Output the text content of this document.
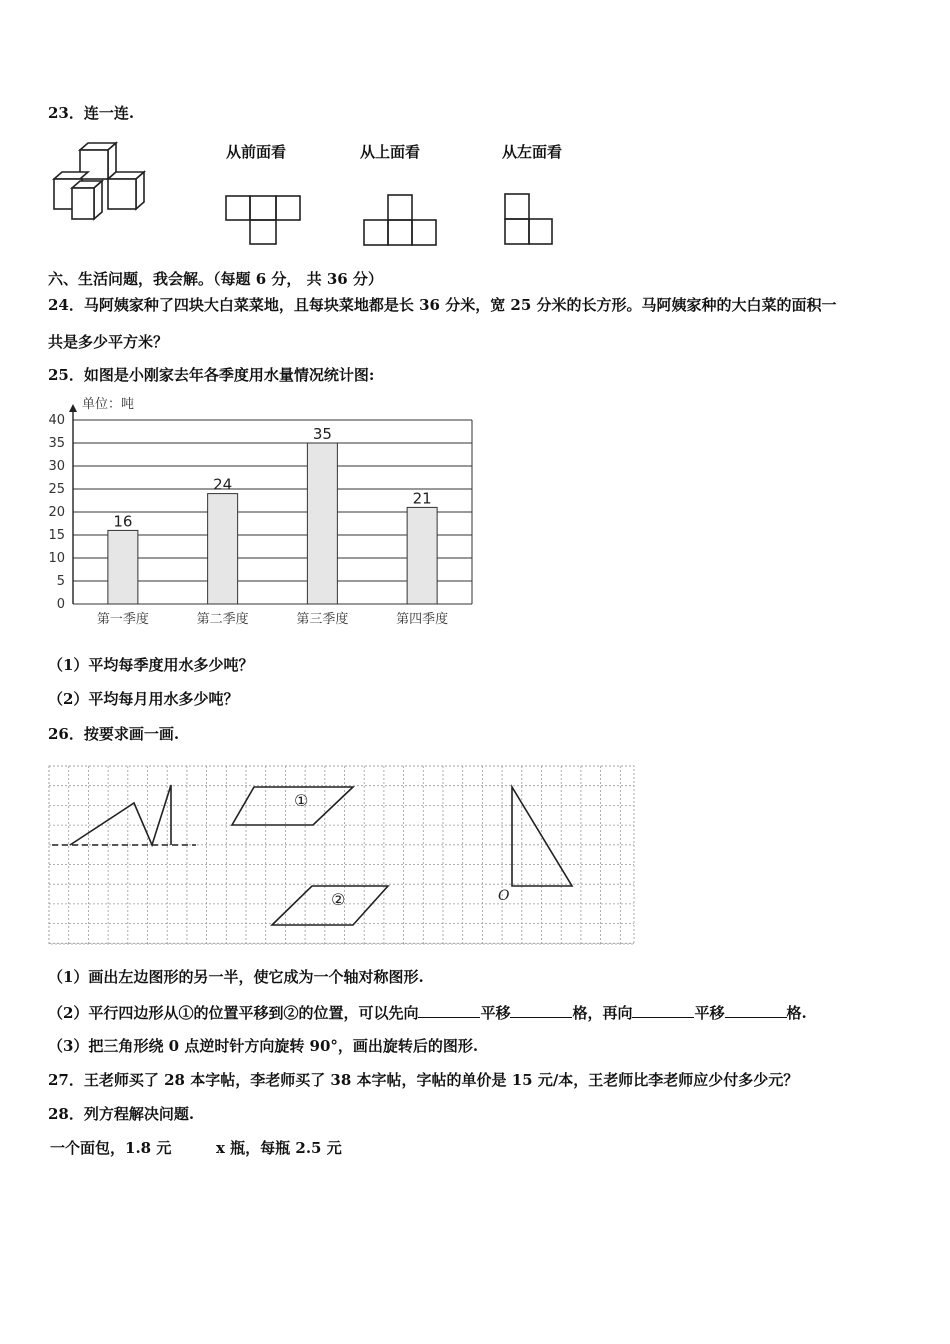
23．连一连.
从前面看	从上面看	从左面看
六、生活问题，我会解。（每题 6 分， 共 36 分）
24．马阿姨家种了四块大白菜菜地，且每块菜地都是长 36 分米，宽 25 分米的长方形。马阿姨家种的大白菜的面积一
共是多少平方米？
25．如图是小刚家去年各季度用水量情况统计图:
单位：吨
0
5
10
15
20
25
30
35
40
16
24
35
21
第一季度	第二季度	第三季度	第四季度
（1）平均每季度用水多少吨？
（2）平均每月用水多少吨？
26．按要求画一画.
①
②	O
（1）画出左边图形的另一半，使它成为一个轴对称图形.
（2）平行四边形从①的位置平移到②的位置，可以先向	平移	格，再向	平移	格.
（3）把三角形绕 0 点逆时针方向旋转 90°，画出旋转后的图形.
27．王老师买了 28 本字帖，李老师买了 38 本字帖，字帖的单价是 15 元/本，王老师比李老师应少付多少元？
28．列方程解决问题.
一个面包，1.8 元	x 瓶，每瓶 2.5 元
